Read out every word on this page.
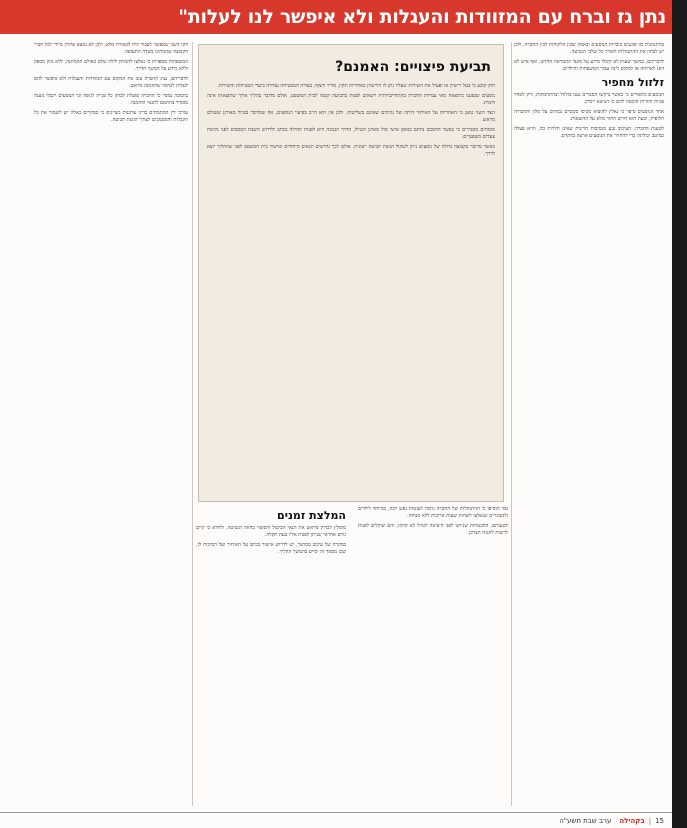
נתן גז וברח עם המזוודות והעגלות ולא איפשר לנו לעלות"

בהתנהגות כזו פוגעים בזכויות הנוסעים ובאמון שבין הלקוחות לבין החברה, ולכן יש לבחון את ההתנהלות לאורך כל שלבי הנסיעה.

לדבריהם, במשך שעות לא קיבלו מידע על מועד ההמראה החדש, ואף איש לא דאג לארוחה או למקום לינה עבור המשפחות והילדים.

זלזול מחפיר

הנוסעים מתארים כי כאשר ביקשו הסברים נענו בזלזול ובהתחמקות, ורק לאחר פניות חוזרות הובטח להם כי הנושא ייבדק.

אחד הנוסעים סיפר כי נאלץ להוציא מכיסו סכומים גבוהים על מלון ותחבורה חלופית, וכעת הוא דורש החזר מלא על ההוצאות.

לטענת החברה, העיכוב נבע מנסיבות חריגות שאינן תלויות בה, והיא פעלה כמיטב יכולתה כדי להחזיר את הנוסעים ארצה בהקדם.

תביעת פיצויים: האמנם?

חוק קובע כי בעל רישיון או ופעיל את השירות שעליו נתן לו הרישיון באחריות תקין, סדיר ורצוף, בצורה המבטיחה עמידה ביעדי הבטיחות והשירות.

נוסעים שנפגעו כתוצאה מאי עמידת החברה בהתחייבויותיה רשאים לפנות בתביעה קטנה לבית המשפט, אולם מדובר בהליך ארוך שתוצאתו אינה ודאית.

הצד השני טוען כי האחריות על האיחור היתה של גורמים שאינם בשליטתו, ולכן אין הוא חייב בפיצוי הנוסעים, אף שמדובר בטיול מאורגן ששולם מראש.

מומחים מסבירים כי כאשר ההסכם נחתם באופן אישי מול מארגן הטיול, הדרך הנכונה היא לפנות תחילה בכתב ולדרוש השבת הכספים לפני נקיטת צעדים משפטיים.

כאשר מדובר בקבוצה גדולה של נוסעים ניתן לשקול הגשת תביעה ייצוגית, אולם לכך נדרשים תנאים מיוחדים ואישור בית המשפט לפני שההליך יוצא לדרך.

עוד הוסיפו כי ההתנהלות של החברה גרמה לעוגמת נפש רבה, במיוחד לילדים ולמבוגרים שנאלצו לשהות שעות ארוכות ללא מנוחה.

לטענתם, ההבטחות שניתנו לפני היציאה לטיול לא קוימו, והם שוקלים לפנות לרשות להגנת הצרכן.

המלצת זמנים

מומלץ לבדוק מראש את תנאי הביטול והפיצוי בחוזה הנסיעה, ולוודא כי קיים גורם אחראי שניתן לפנות אליו בעת תקלה.

במקרה של עיכוב ממושך, יש לדרוש אישור בכתב על האיחור ועל הסיבות לו, שכן מסמך זה יסייע בהמשך ההליך.

הקו השני שאפשר לעבור היה לכאורה מלא, ולכן לא נמצא פתרון מיידי לכל חברי הקבוצה שהמתינו בשדה התעופה.

המשפחות מספרות כי נאלצו להמתין לילה שלם באולם ההמתנה, ללא מזון מספק וללא מידע על המשך הדרך.

לדבריהם, נציג החברה עזב את המקום עם המזוודות והעגלות ולא איפשר להם לעלות לטיסה שהוזמנה מראש.

בתגובה נמסר כי החברה פועלת לבחון כל פנייה לגופה וכי הנוסעים יקבלו מענה מסודר בהתאם לתנאי ההזמנה.

עורכי דין המתמחים בדיני צרכנות מציינים כי במקרים כאלה יש לשמור את כל הקבלות והמסמכים לצורך הגשת תביעה.

15
|
בקהילה
ערב שבת תשע"ה
